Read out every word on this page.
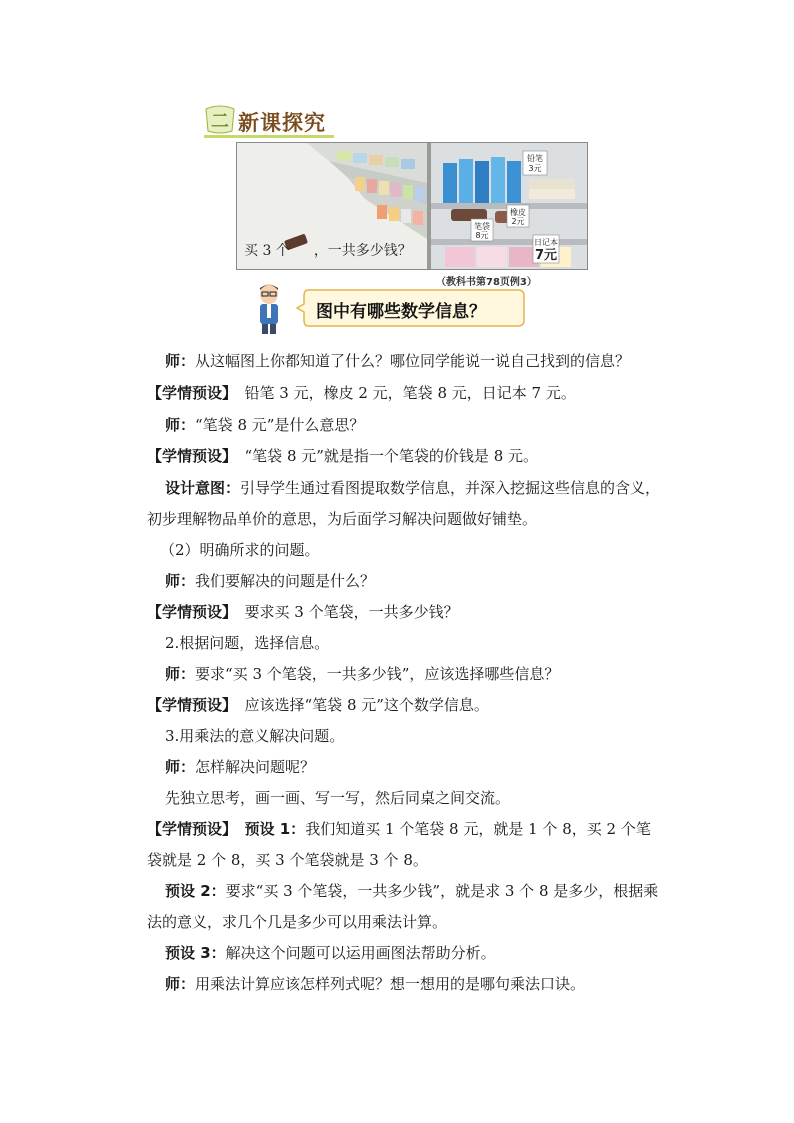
二 新课探究
铅笔
3元
橡皮
2元
笔袋
8元
日记本
7元
买 3 个 ，一共多少钱？
（教科书第78页例3）
图中有哪些数学信息？
师：从这幅图上你都知道了什么？哪位同学能说一说自己找到的信息？
【学情预设】　铅笔 3 元，橡皮 2 元，笔袋 8 元，日记本 7 元。
师：“笔袋 8 元”是什么意思？
【学情预设】　“笔袋 8 元”就是指一个笔袋的价钱是 8 元。
设计意图：引导学生通过看图提取数学信息，并深入挖掘这些信息的含义，
初步理解物品单价的意思，为后面学习解决问题做好铺垫。
（2）明确所求的问题。
师：我们要解决的问题是什么？
【学情预设】　要求买 3 个笔袋，一共多少钱？
2.根据问题，选择信息。
师：要求“买 3 个笔袋，一共多少钱”，应该选择哪些信息？
【学情预设】　应该选择“笔袋 8 元”这个数学信息。
3.用乘法的意义解决问题。
师：怎样解决问题呢？
先独立思考，画一画、写一写，然后同桌之间交流。
【学情预设】　预设 1：我们知道买 1 个笔袋 8 元，就是 1 个 8，买 2 个笔
袋就是 2 个 8，买 3 个笔袋就是 3 个 8。
预设 2：要求“买 3 个笔袋，一共多少钱”，就是求 3 个 8 是多少，根据乘
法的意义，求几个几是多少可以用乘法计算。
预设 3：解决这个问题可以运用画图法帮助分析。
师：用乘法计算应该怎样列式呢？想一想用的是哪句乘法口诀。
